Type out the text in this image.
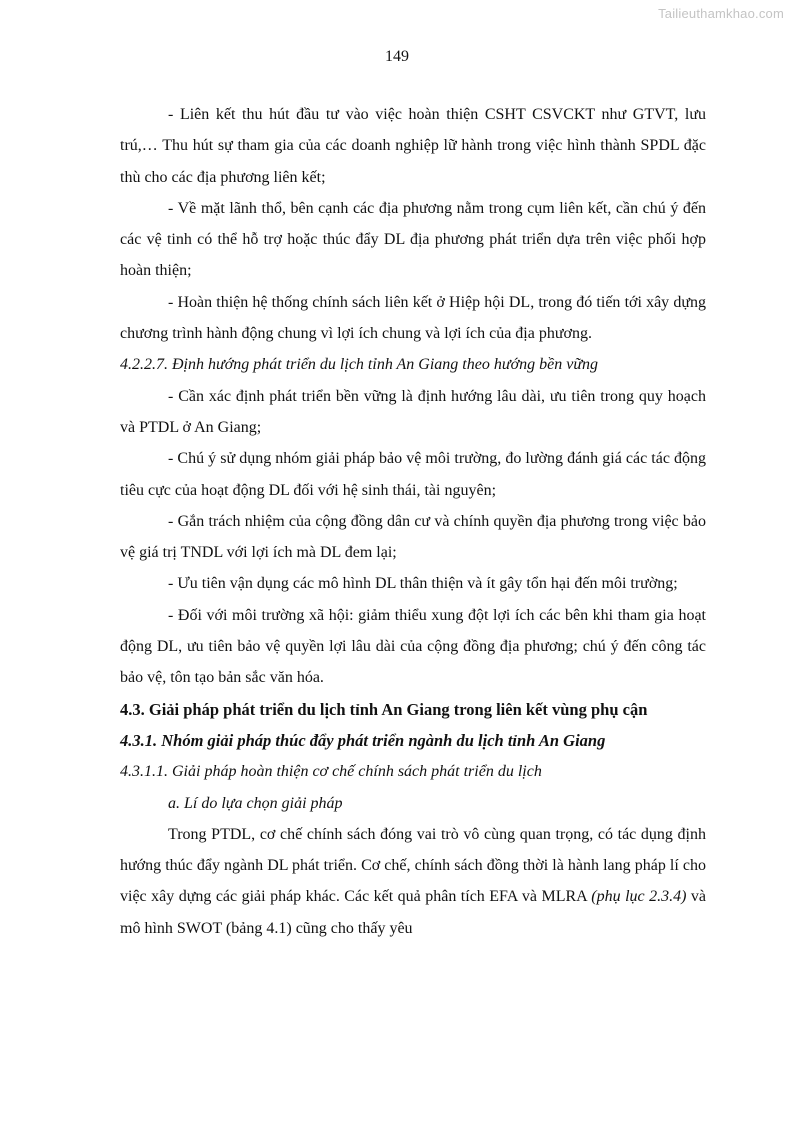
Tailieuthamkhao.com
149

- Liên kết thu hút đầu tư vào việc hoàn thiện CSHT CSVCKT như GTVT, lưu trú,… Thu hút sự tham gia của các doanh nghiệp lữ hành trong việc hình thành SPDL đặc thù cho các địa phương liên kết;

- Về mặt lãnh thổ, bên cạnh các địa phương nằm trong cụm liên kết, cần chú ý đến các vệ tinh có thể hỗ trợ hoặc thúc đẩy DL địa phương phát triển dựa trên việc phối hợp hoàn thiện;

- Hoàn thiện hệ thống chính sách liên kết ở Hiệp hội DL, trong đó tiến tới xây dựng chương trình hành động chung vì lợi ích chung và lợi ích của địa phương.

4.2.2.7. Định hướng phát triển du lịch tỉnh An Giang theo hướng bền vững

- Cần xác định phát triển bền vững là định hướng lâu dài, ưu tiên trong quy hoạch và PTDL ở An Giang;

- Chú ý sử dụng nhóm giải pháp bảo vệ môi trường, đo lường đánh giá các tác động tiêu cực của hoạt động DL đối với hệ sinh thái, tài nguyên;

- Gắn trách nhiệm của cộng đồng dân cư và chính quyền địa phương trong việc bảo vệ giá trị TNDL với lợi ích mà DL đem lại;

- Ưu tiên vận dụng các mô hình DL thân thiện và ít gây tổn hại đến môi trường;

- Đối với môi trường xã hội: giảm thiểu xung đột lợi ích các bên khi tham gia hoạt động DL, ưu tiên bảo vệ quyền lợi lâu dài của cộng đồng địa phương; chú ý đến công tác bảo vệ, tôn tạo bản sắc văn hóa.

4.3. Giải pháp phát triển du lịch tỉnh An Giang trong liên kết vùng phụ cận

4.3.1. Nhóm giải pháp thúc đẩy phát triển ngành du lịch tỉnh An Giang

4.3.1.1. Giải pháp hoàn thiện cơ chế chính sách phát triển du lịch

a. Lí do lựa chọn giải pháp

Trong PTDL, cơ chế chính sách đóng vai trò vô cùng quan trọng, có tác dụng định hướng thúc đẩy ngành DL phát triển. Cơ chế, chính sách đồng thời là hành lang pháp lí cho việc xây dựng các giải pháp khác. Các kết quả phân tích EFA và MLRA (phụ lục 2.3.4) và mô hình SWOT (bảng 4.1) cũng cho thấy yêu
